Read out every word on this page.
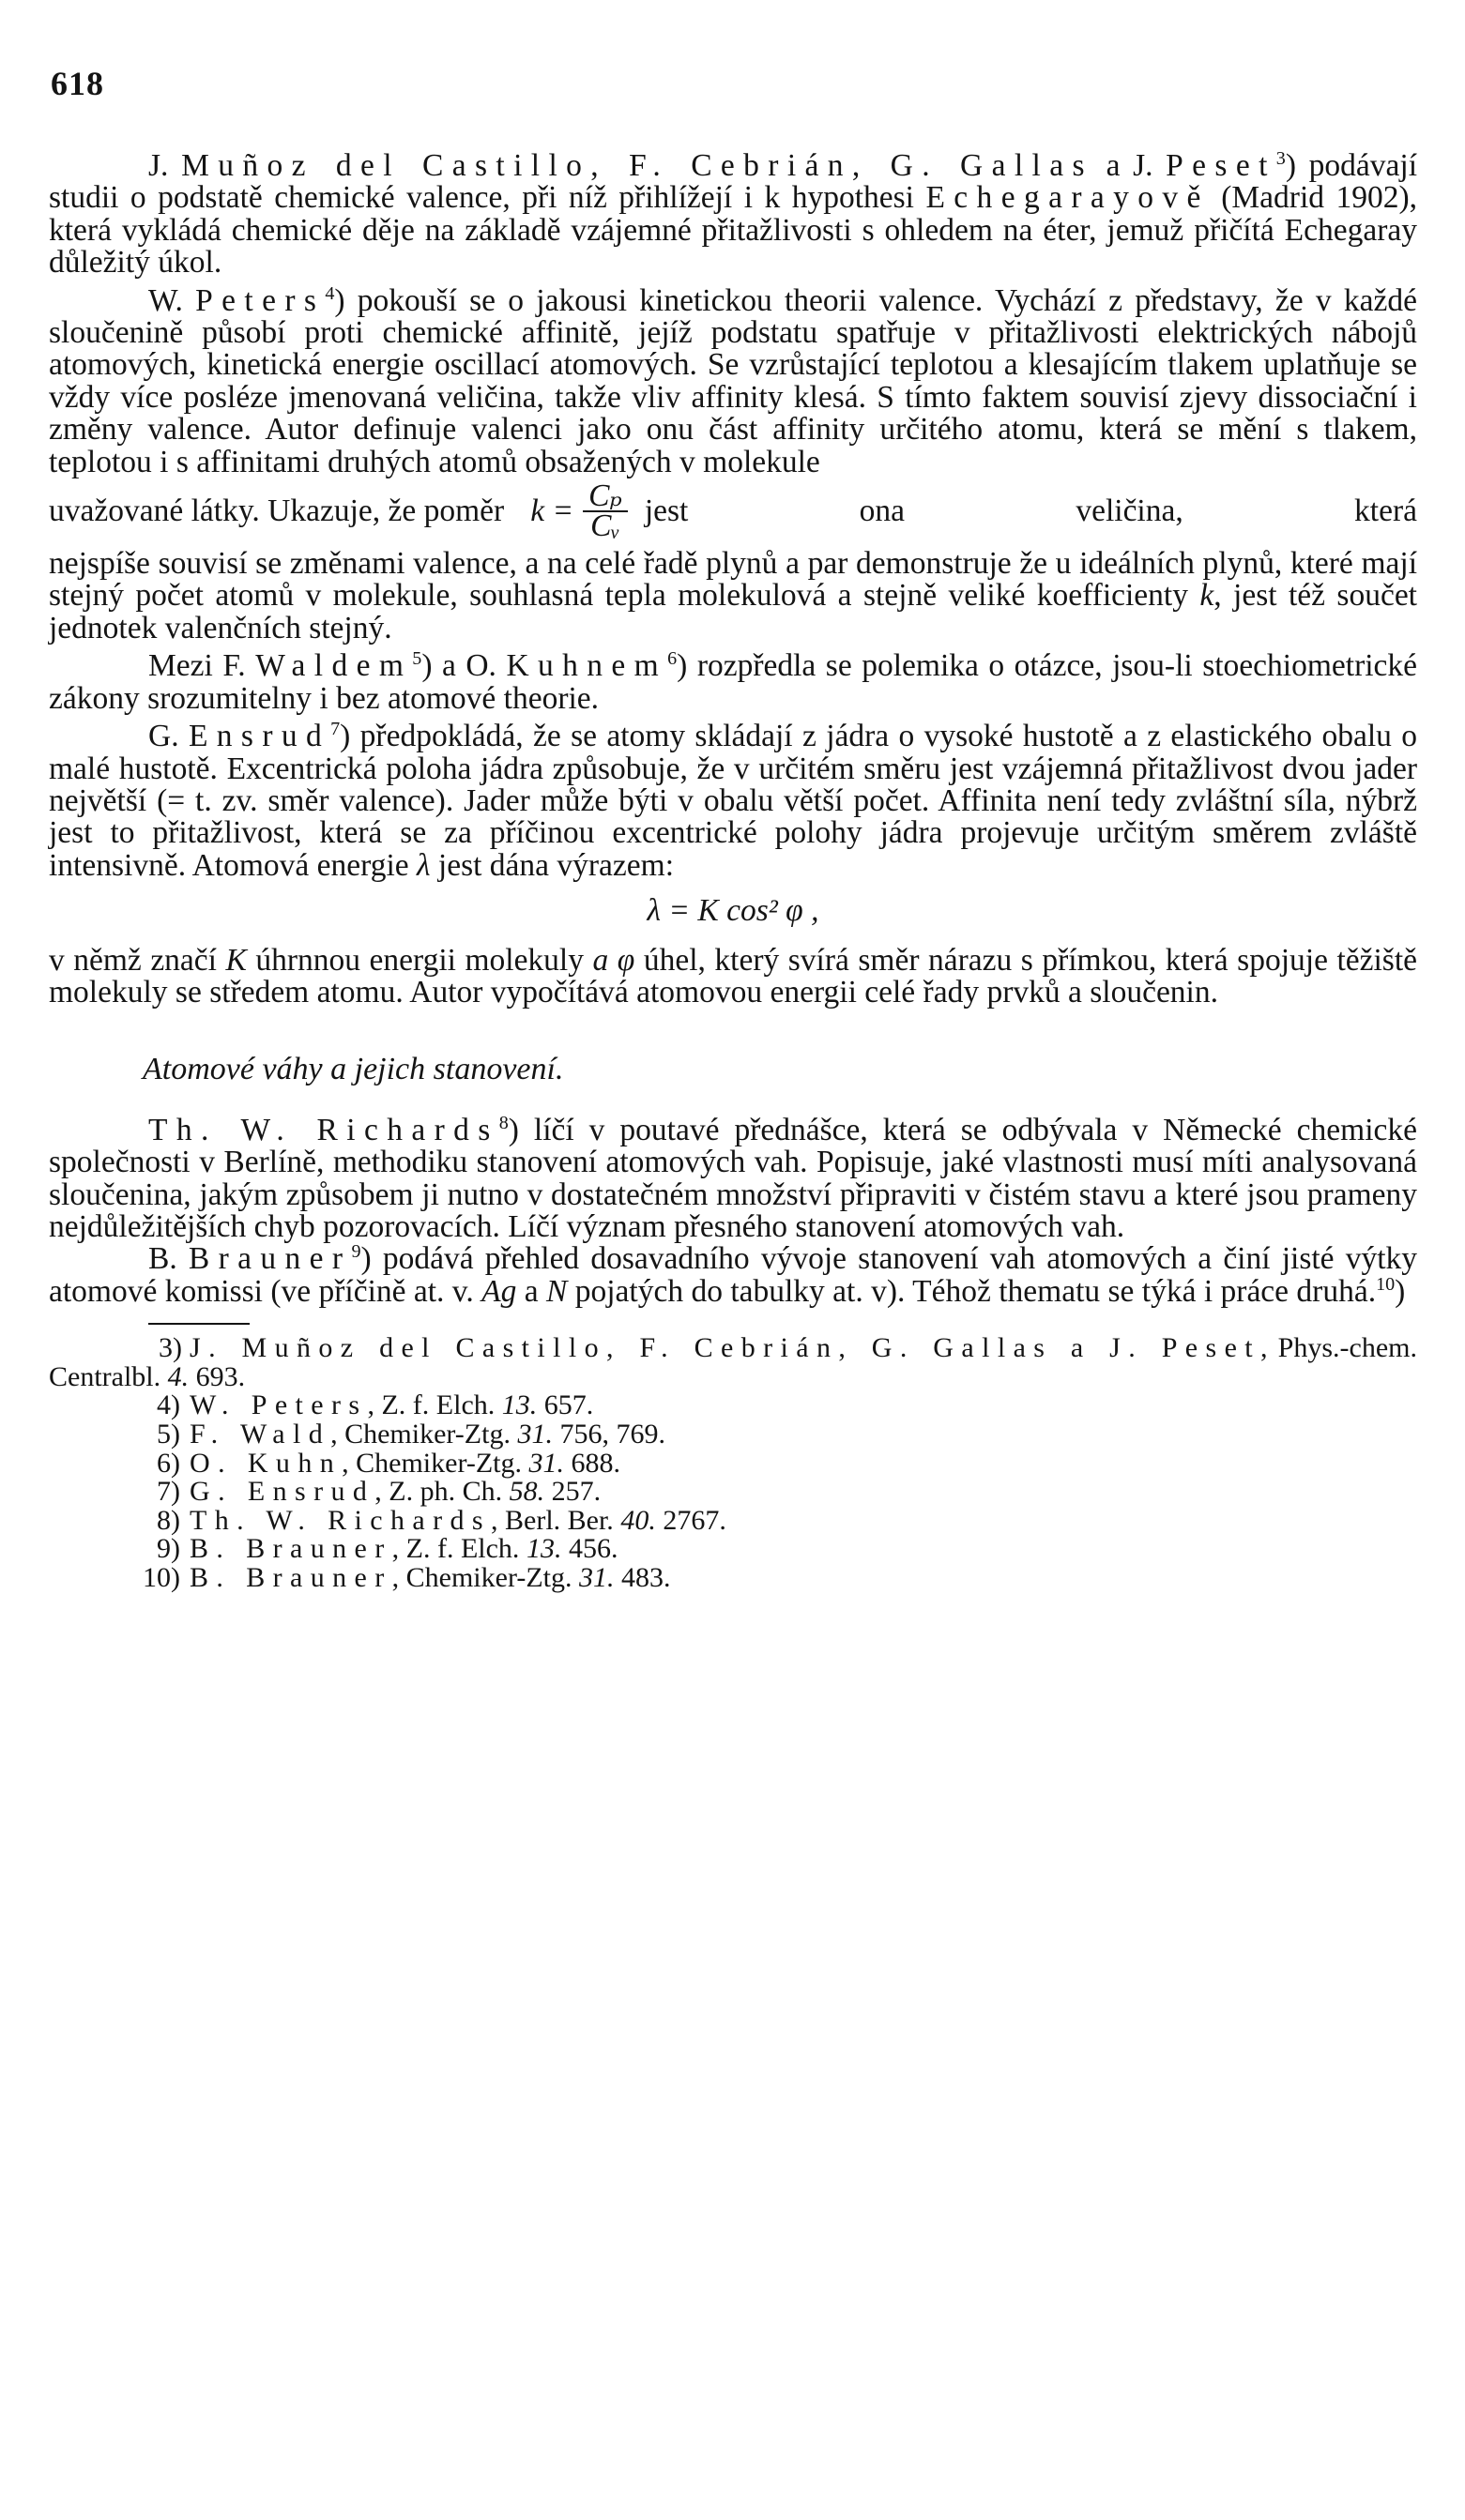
618

J. Muñoz del Castillo, F. Cebrián, G. Gallas a J. Peset$^3$) podávají studii o podstatě chemické valence, při níž přihlížejí i k hypothesi Echegarayově (Madrid 1902), která vykládá chemické děje na základě vzájemné přitažlivosti s ohledem na éter, jemuž přičítá Echegaray důležitý úkol.

W. Peters$^4$) pokouší se o jakousi kinetickou theorii valence. Vychází z představy, že v každé sloučenině působí proti chemické affinitě, jejíž podstatu spatřuje v přitažlivosti elektrických nábojů atomových, kinetická energie oscillací atomových. Se vzrůstající teplotou a klesajícím tlakem uplatňuje se vždy více posléze jmenovaná veličina, takže vliv affinity klesá. S tímto faktem souvisí zjevy dissociační i změny valence. Autor definuje valenci jako onu část affinity určitého atomu, která se mění s tlakem, teplotou i s affinitami druhých atomů obsažených v molekule

uvažované látky. Ukazuje, že poměr $k = \frac{\text{Cₚ}}{\text{Cᵥ}}$ jest ona veličina, která

nejspíše souvisí se změnami valence, a na celé řadě plynů a par demonstruje že u ideálních plynů, které mají stejný počet atomů v molekule, souhlasná tepla molekulová a stejně veliké koefficienty k, jest též součet jednotek valenčních stejný.

Mezi F. Waldem$^5$) a O. Kuhnem$^6$) rozpředla se polemika o otázce, jsou-li stoechiometrické zákony srozumitelny i bez atomové theorie.

G. Ensrud$^7$) předpokládá, že se atomy skládají z jádra o vysoké hustotě a z elastického obalu o malé hustotě. Excentrická poloha jádra způsobuje, že v určitém směru jest vzájemná přitažlivost dvou jader největší (= t. zv. směr valence). Jader může býti v obalu větší počet. Affinita není tedy zvláštní síla, nýbrž jest to přitažlivost, která se za příčinou excentrické polohy jádra projevuje určitým směrem zvláště intensivně. Atomová energie λ jest dána výrazem:

λ = K cos² φ ,

v němž značí K úhrnnou energii molekuly a φ úhel, který svírá směr nárazu s přímkou, která spojuje těžiště molekuly se středem atomu. Autor vypočítává atomovou energii celé řady prvků a sloučenin.

Atomové váhy a jejich stanovení.

Th. W. Richards$^8$) líčí v poutavé přednášce, která se odbývala v Německé chemické společnosti v Berlíně, methodiku stanovení atomových vah. Popisuje, jaké vlastnosti musí míti analysovaná sloučenina, jakým způsobem ji nutno v dostatečném množství připraviti v čistém stavu a které jsou prameny nejdůležitějších chyb pozorovacích. Líčí význam přesného stanovení atomových vah.

B. Brauner$^9$) podává přehled dosavadního vývoje stanovení vah atomových a činí jisté výtky atomové komissi (ve příčině at. v. Ag a N pojatých do tabulky at. v). Téhož thematu se týká i práce druhá.$^{10}$)

3) J. Muñoz del Castillo, F. Cebrián, G. Gallas a J. Peset, Phys.-chem. Centralbl. 4. 693.
4) W. Peters, Z. f. Elch. 13. 657.
5) F. Wald, Chemiker-Ztg. 31. 756, 769.
6) O. Kuhn, Chemiker-Ztg. 31. 688.
7) G. Ensrud, Z. ph. Ch. 58. 257.
8) Th. W. Richards, Berl. Ber. 40. 2767.
9) B. Brauner, Z. f. Elch. 13. 456.
10) B. Brauner, Chemiker-Ztg. 31. 483.
